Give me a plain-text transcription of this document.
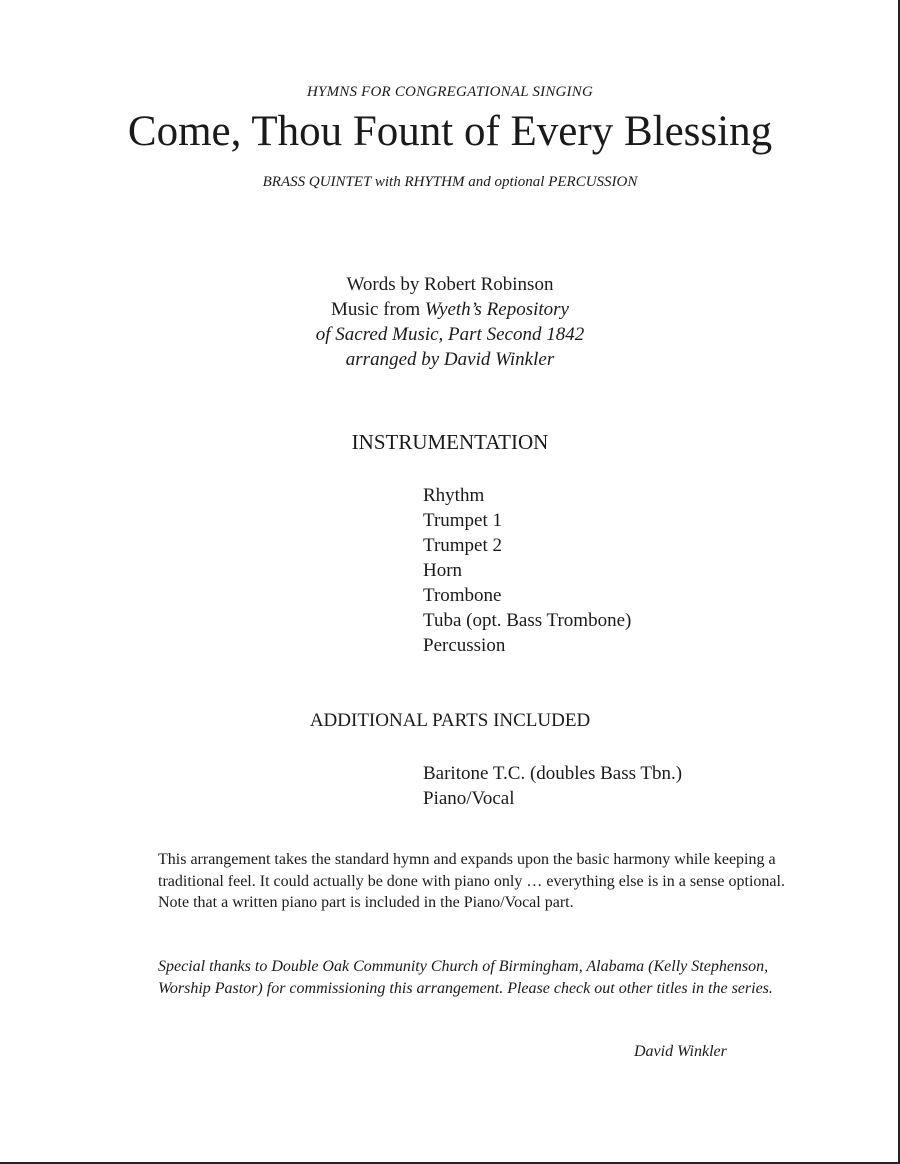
HYMNS FOR CONGREGATIONAL SINGING
Come, Thou Fount of Every Blessing
BRASS QUINTET with RHYTHM and optional PERCUSSION
Words by Robert Robinson
Music from Wyeth’s Repository
of Sacred Music, Part Second 1842
arranged by David Winkler
INSTRUMENTATION
Rhythm
Trumpet 1
Trumpet 2
Horn
Trombone
Tuba (opt. Bass Trombone)
Percussion
ADDITIONAL PARTS INCLUDED
Baritone T.C. (doubles Bass Tbn.)
Piano/Vocal

This arrangement takes the standard hymn and expands upon the basic harmony while keeping a traditional feel. It could actually be done with piano only … everything else is in a sense optional. Note that a written piano part is included in the Piano/Vocal part.

Special thanks to Double Oak Community Church of Birmingham, Alabama (Kelly Stephenson, Worship Pastor) for commissioning this arrangement. Please check out other titles in the series.

David Winkler
